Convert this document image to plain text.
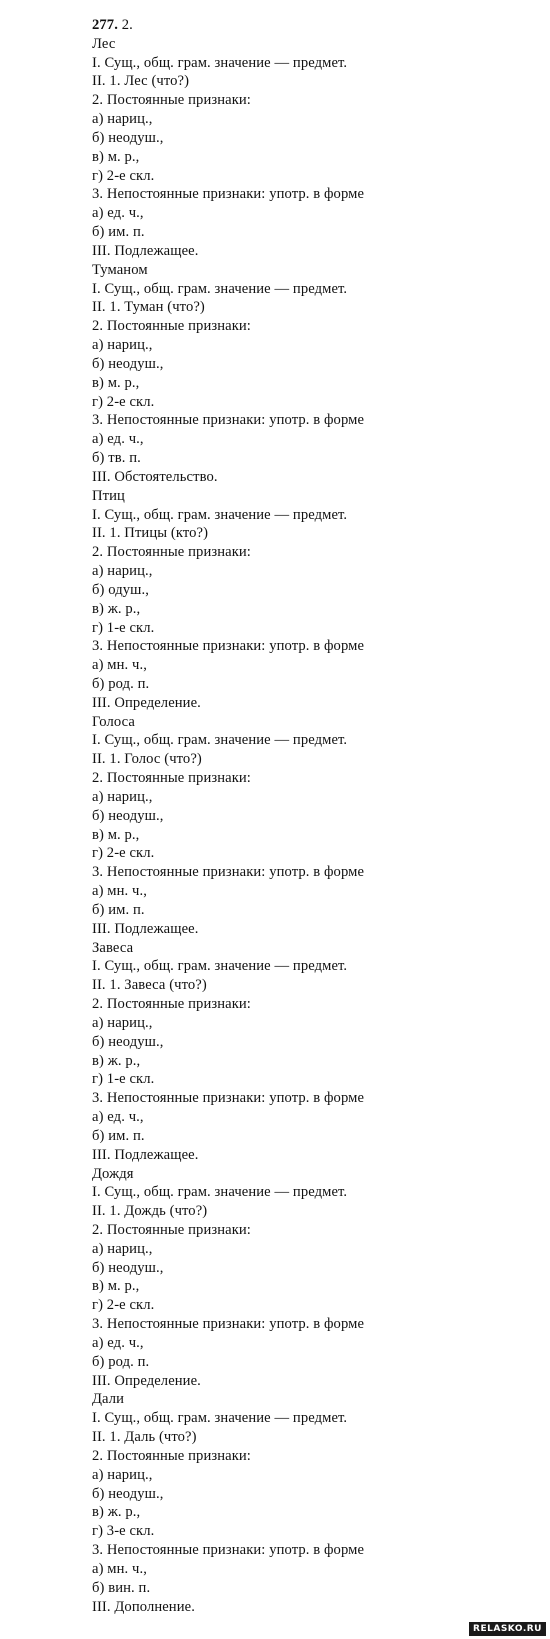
277. 2.
Лес
I. Сущ., общ. грам. значение — предмет.
II. 1. Лес (что?)
2. Постоянные признаки:
а) нариц.,
б) неодуш.,
в) м. р.,
г) 2-е скл.
3. Непостоянные признаки: употр. в форме
а) ед. ч.,
б) им. п.
III. Подлежащее.
Туманом
I. Сущ., общ. грам. значение — предмет.
II. 1. Туман (что?)
2. Постоянные признаки:
а) нариц.,
б) неодуш.,
в) м. р.,
г) 2-е скл.
3. Непостоянные признаки: употр. в форме
а) ед. ч.,
б) тв. п.
III. Обстоятельство.
Птиц
I. Сущ., общ. грам. значение — предмет.
II. 1. Птицы (кто?)
2. Постоянные признаки:
а) нариц.,
б) одуш.,
в) ж. р.,
г) 1-е скл.
3. Непостоянные признаки: употр. в форме
а) мн. ч.,
б) род. п.
III. Определение.
Голоса
I. Сущ., общ. грам. значение — предмет.
II. 1. Голос (что?)
2. Постоянные признаки:
а) нариц.,
б) неодуш.,
в) м. р.,
г) 2-е скл.
3. Непостоянные признаки: употр. в форме
а) мн. ч.,
б) им. п.
III. Подлежащее.
Завеса
I. Сущ., общ. грам. значение — предмет.
II. 1. Завеса (что?)
2. Постоянные признаки:
а) нариц.,
б) неодуш.,
в) ж. р.,
г) 1-е скл.
3. Непостоянные признаки: употр. в форме
а) ед. ч.,
б) им. п.
III. Подлежащее.
Дождя
I. Сущ., общ. грам. значение — предмет.
II. 1. Дождь (что?)
2. Постоянные признаки:
а) нариц.,
б) неодуш.,
в) м. р.,
г) 2-е скл.
3. Непостоянные признаки: употр. в форме
а) ед. ч.,
б) род. п.
III. Определение.
Дали
I. Сущ., общ. грам. значение — предмет.
II. 1. Даль (что?)
2. Постоянные признаки:
а) нариц.,
б) неодуш.,
в) ж. р.,
г) 3-е скл.
3. Непостоянные признаки: употр. в форме
а) мн. ч.,
б) вин. п.
III. Дополнение.
RELASKO.RU
